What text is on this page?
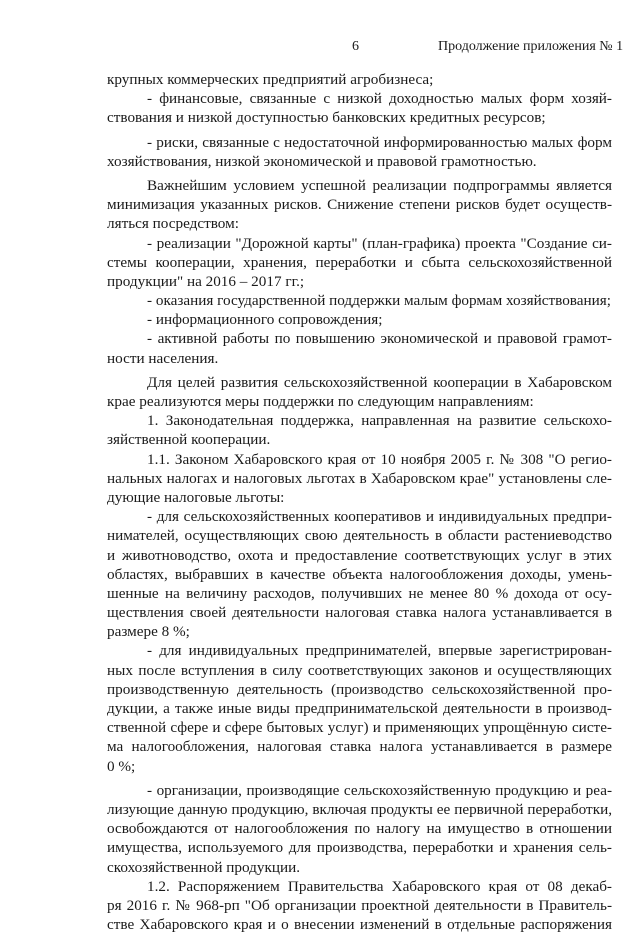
6	Продолжение приложения № 1
крупных коммерческих предприятий агробизнеса;
- финансовые, связанные с низкой доходностью малых форм хозяй-
ствования и низкой доступностью банковских кредитных ресурсов;
- риски, связанные с недостаточной информированностью малых форм
хозяйствования, низкой экономической и правовой грамотностью.
Важнейшим условием успешной реализации подпрограммы является
минимизация указанных рисков. Снижение степени рисков будет осуществ-
ляться посредством:
- реализации "Дорожной карты" (план-графика) проекта "Создание си-
стемы кооперации, хранения, переработки и сбыта сельскохозяйственной
продукции" на 2016 – 2017 гг.;
- оказания государственной поддержки малым формам хозяйствования;
- информационного сопровождения;
- активной работы по повышению экономической и правовой грамот-
ности населения.
Для целей развития сельскохозяйственной кооперации в Хабаровском
крае реализуются меры поддержки по следующим направлениям:
1. Законодательная поддержка, направленная на развитие сельскохо-
зяйственной кооперации.
1.1. Законом Хабаровского края от 10 ноября 2005 г. № 308 "О регио-
нальных налогах и налоговых льготах в Хабаровском крае" установлены сле-
дующие налоговые льготы:
- для сельскохозяйственных кооперативов и индивидуальных предпри-
нимателей, осуществляющих свою деятельность в области растениеводство
и животноводство, охота и предоставление соответствующих услуг в этих
областях, выбравших в качестве объекта налогообложения доходы, умень-
шенные на величину расходов, получивших не менее 80 % дохода от осу-
ществления своей деятельности налоговая ставка налога устанавливается в
размере 8 %;
- для индивидуальных предпринимателей, впервые зарегистрирован-
ных после вступления в силу соответствующих законов и осуществляющих
производственную деятельность (производство сельскохозяйственной про-
дукции, а также иные виды предпринимательской деятельности в производ-
ственной сфере и сфере бытовых услуг) и применяющих упрощённую систе-
ма налогообложения, налоговая ставка налога устанавливается в размере
0 %;
- организации, производящие сельскохозяйственную продукцию и реа-
лизующие данную продукцию, включая продукты ее первичной переработки,
освобождаются от налогообложения по налогу на имущество в отношении
имущества, используемого для производства, переработки и хранения сель-
скохозяйственной продукции.
1.2. Распоряжением Правительства Хабаровского края от 08 декаб-
ря 2016 г. № 968-рп "Об организации проектной деятельности в Правитель-
стве Хабаровского края и о внесении изменений в отдельные распоряжения
